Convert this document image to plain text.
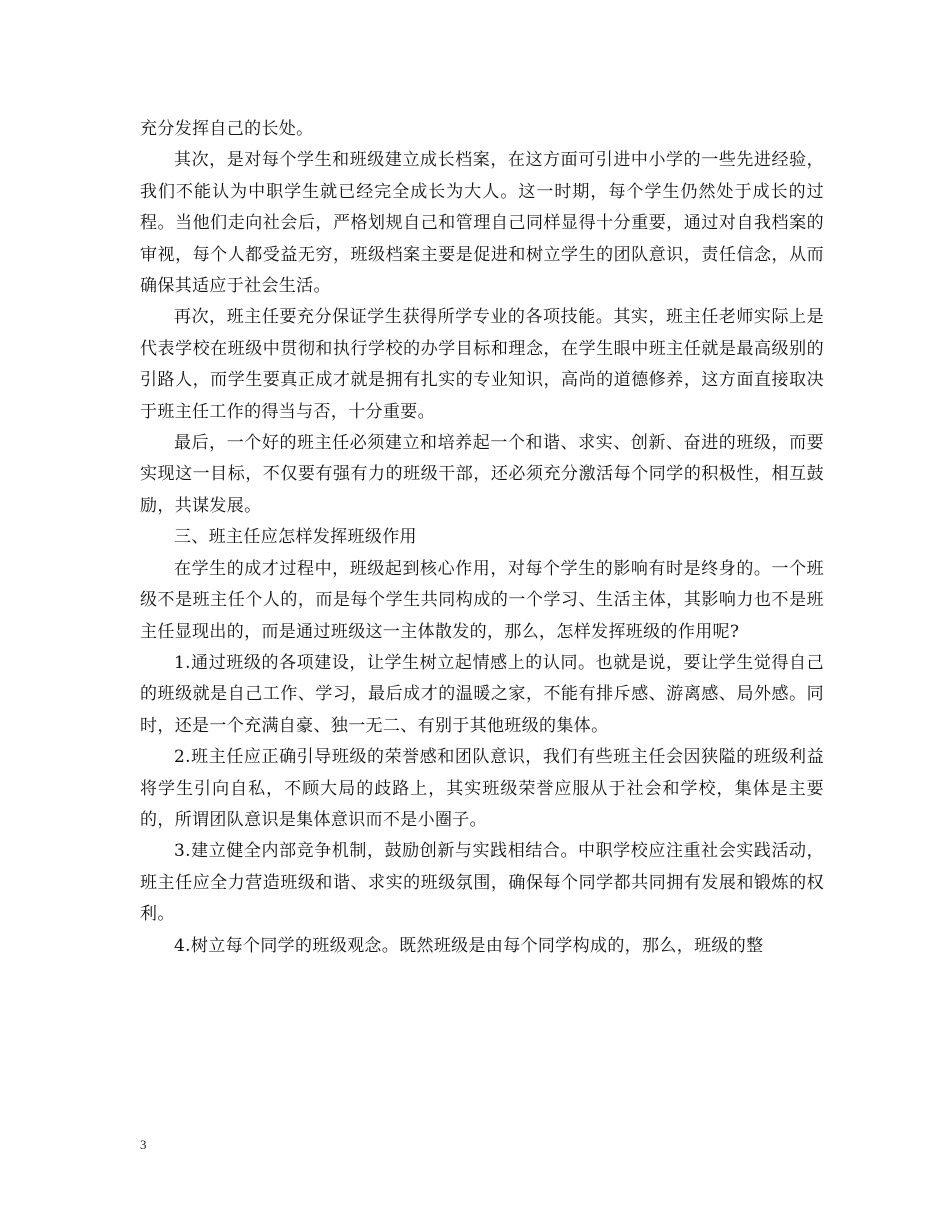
充分发挥自己的长处。

其次，是对每个学生和班级建立成长档案，在这方面可引进中小学的一些先进经验，我们不能认为中职学生就已经完全成长为大人。这一时期，每个学生仍然处于成长的过程。当他们走向社会后，严格划规自己和管理自己同样显得十分重要，通过对自我档案的审视，每个人都受益无穷，班级档案主要是促进和树立学生的团队意识，责任信念，从而确保其适应于社会生活。

再次，班主任要充分保证学生获得所学专业的各项技能。其实，班主任老师实际上是代表学校在班级中贯彻和执行学校的办学目标和理念，在学生眼中班主任就是最高级别的引路人，而学生要真正成才就是拥有扎实的专业知识，高尚的道德修养，这方面直接取决于班主任工作的得当与否，十分重要。

最后，一个好的班主任必须建立和培养起一个和谐、求实、创新、奋进的班级，而要实现这一目标，不仅要有强有力的班级干部，还必须充分激活每个同学的积极性，相互鼓励，共谋发展。

三、班主任应怎样发挥班级作用

在学生的成才过程中，班级起到核心作用，对每个学生的影响有时是终身的。一个班级不是班主任个人的，而是每个学生共同构成的一个学习、生活主体，其影响力也不是班主任显现出的，而是通过班级这一主体散发的，那么，怎样发挥班级的作用呢?

1.通过班级的各项建设，让学生树立起情感上的认同。也就是说，要让学生觉得自己的班级就是自己工作、学习，最后成才的温暖之家，不能有排斥感、游离感、局外感。同时，还是一个充满自豪、独一无二、有别于其他班级的集体。

2.班主任应正确引导班级的荣誉感和团队意识，我们有些班主任会因狭隘的班级利益将学生引向自私，不顾大局的歧路上，其实班级荣誉应服从于社会和学校，集体是主要的，所谓团队意识是集体意识而不是小圈子。

3.建立健全内部竞争机制，鼓励创新与实践相结合。中职学校应注重社会实践活动，班主任应全力营造班级和谐、求实的班级氛围，确保每个同学都共同拥有发展和锻炼的权利。

4.树立每个同学的班级观念。既然班级是由每个同学构成的，那么，班级的整

3
